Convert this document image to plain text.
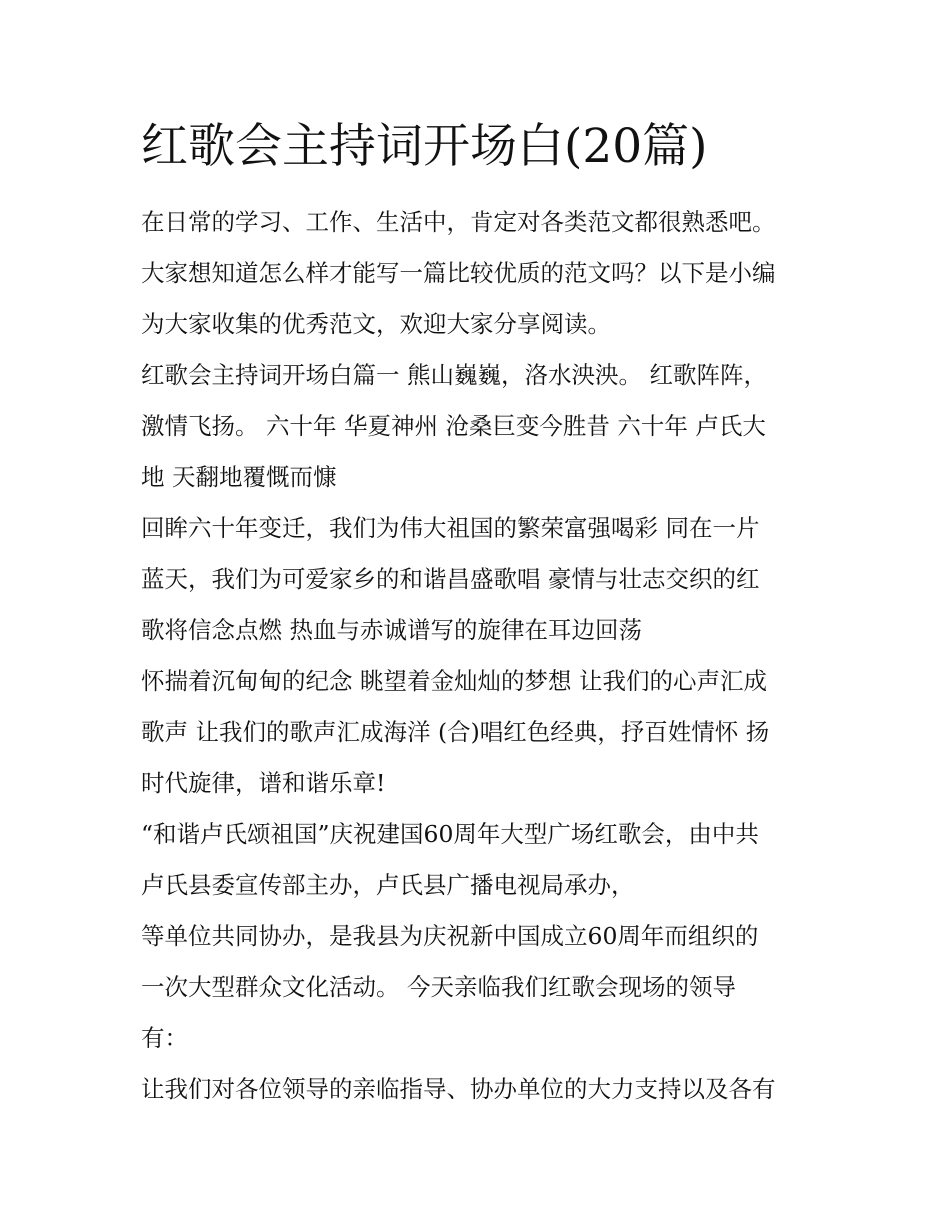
红歌会主持词开场白(20篇)

在日常的学习、工作、生活中，肯定对各类范文都很熟悉吧。

大家想知道怎么样才能写一篇比较优质的范文吗？以下是小编

为大家收集的优秀范文，欢迎大家分享阅读。

红歌会主持词开场白篇一 熊山巍巍，洛水泱泱。 红歌阵阵，

激情飞扬。 六十年 华夏神州 沧桑巨变今胜昔 六十年 卢氏大

地 天翻地覆慨而慷

回眸六十年变迁，我们为伟大祖国的繁荣富强喝彩 同在一片

蓝天，我们为可爱家乡的和谐昌盛歌唱 豪情与壮志交织的红

歌将信念点燃 热血与赤诚谱写的旋律在耳边回荡

怀揣着沉甸甸的纪念 眺望着金灿灿的梦想 让我们的心声汇成

歌声 让我们的歌声汇成海洋 (合)唱红色经典，抒百姓情怀 扬

时代旋律，谱和谐乐章!

“和谐卢氏颂祖国”庆祝建国60周年大型广场红歌会，由中共

卢氏县委宣传部主办，卢氏县广播电视局承办，

等单位共同协办，是我县为庆祝新中国成立60周年而组织的

一次大型群众文化活动。 今天亲临我们红歌会现场的领导

有：

让我们对各位领导的亲临指导、协办单位的大力支持以及各有
